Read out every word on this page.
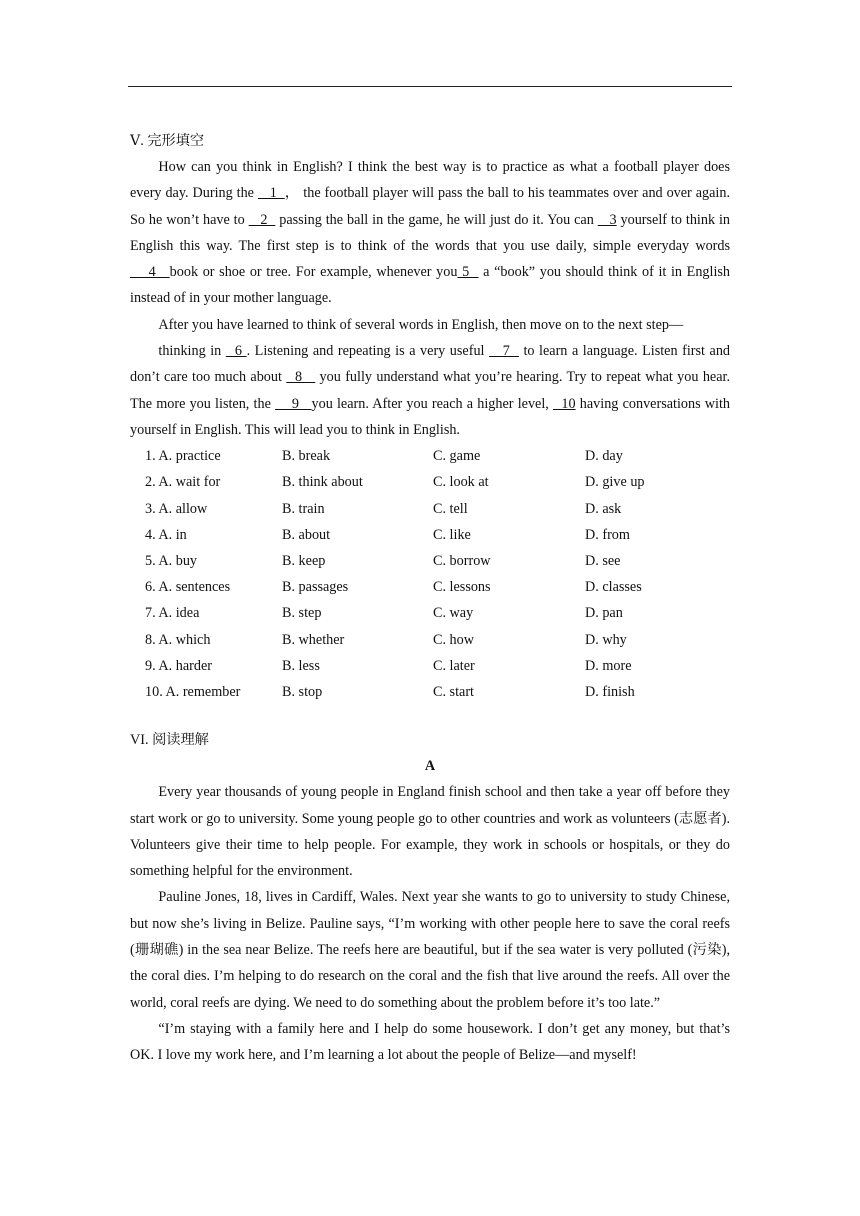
Ⅴ. 完形填空

How can you think in English? I think the best way is to practice as what a football player does every day. During the    1  ， the football player will pass the ball to his teammates over and over again. So he won’t have to    2   passing the ball in the game, he will just do it. You can    3 yourself to think in English this way. The first step is to think of the words that you use daily, simple everyday words     4   book or shoe or tree. For example, whenever you 5   a “book” you should think of it in English instead of in your mother language.

After you have learned to think of several words in English, then move on to the next step—

thinking in   6 . Listening and repeating is a very useful    7   to learn a language. Listen first and don’t care too much about   8    you fully understand what you’re hearing. Try to repeat what you hear. The more you listen, the     9   you learn. After you reach a higher level,   10 having conversations with yourself in English. This will lead you to think in English.

1. A. practice	B. break	C. game	D. day
2. A. wait for	B. think about	C. look at	D. give up
3. A. allow	B. train	C. tell	D. ask
4. A. in	B. about	C. like	D. from
5. A. buy	B. keep	C. borrow	D. see
6. A. sentences	B. passages	C. lessons	D. classes
7. A. idea	B. step	C. way	D. pan
8. A. which	B. whether	C. how	D. why
9. A. harder	B. less	C. later	D. more
10. A. remember	B. stop	C. start	D. finish

VI. 阅读理解

A

Every year thousands of young people in England finish school and then take a year off before they start work or go to university. Some young people go to other countries and work as volunteers (志愿者). Volunteers give their time to help people. For example, they work in schools or hospitals, or they do something helpful for the environment.

Pauline Jones, 18, lives in Cardiff, Wales. Next year she wants to go to university to study Chinese, but now she’s living in Belize. Pauline says, “I’m working with other people here to save the coral reefs (珊瑚礁) in the sea near Belize. The reefs here are beautiful, but if the sea water is very polluted (污染), the coral dies. I’m helping to do research on the coral and the fish that live around the reefs. All over the world, coral reefs are dying. We need to do something about the problem before it’s too late.”

“I’m staying with a family here and I help do some housework. I don’t get any money, but that’s OK. I love my work here, and I’m learning a lot about the people of Belize—and myself!
